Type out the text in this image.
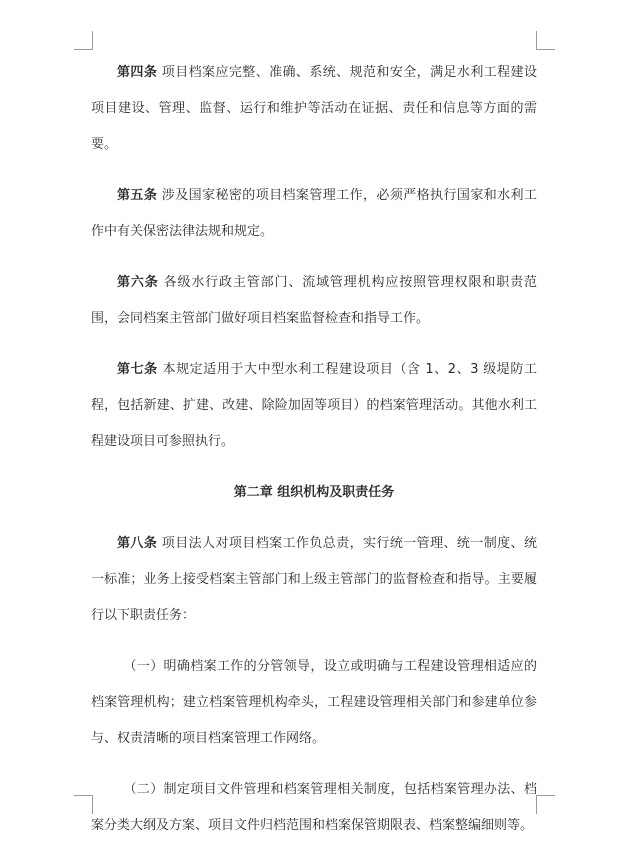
第四条 项目档案应完整、准确、系统、规范和安全，满足水利工程建设项目建设、管理、监督、运行和维护等活动在证据、责任和信息等方面的需要。

第五条 涉及国家秘密的项目档案管理工作，必须严格执行国家和水利工作中有关保密法律法规和规定。

第六条 各级水行政主管部门、流域管理机构应按照管理权限和职责范围，会同档案主管部门做好项目档案监督检查和指导工作。

第七条 本规定适用于大中型水利工程建设项目（含 1、2、3 级堤防工程，包括新建、扩建、改建、除险加固等项目）的档案管理活动。其他水利工程建设项目可参照执行。

第二章 组织机构及职责任务

第八条 项目法人对项目档案工作负总责，实行统一管理、统一制度、统一标准；业务上接受档案主管部门和上级主管部门的监督检查和指导。主要履行以下职责任务：

（一）明确档案工作的分管领导，设立或明确与工程建设管理相适应的档案管理机构；建立档案管理机构牵头，工程建设管理相关部门和参建单位参与、权责清晰的项目档案管理工作网络。

（二）制定项目文件管理和档案管理相关制度，包括档案管理办法、档案分类大纲及方案、项目文件归档范围和档案保管期限表、档案整编细则等。
